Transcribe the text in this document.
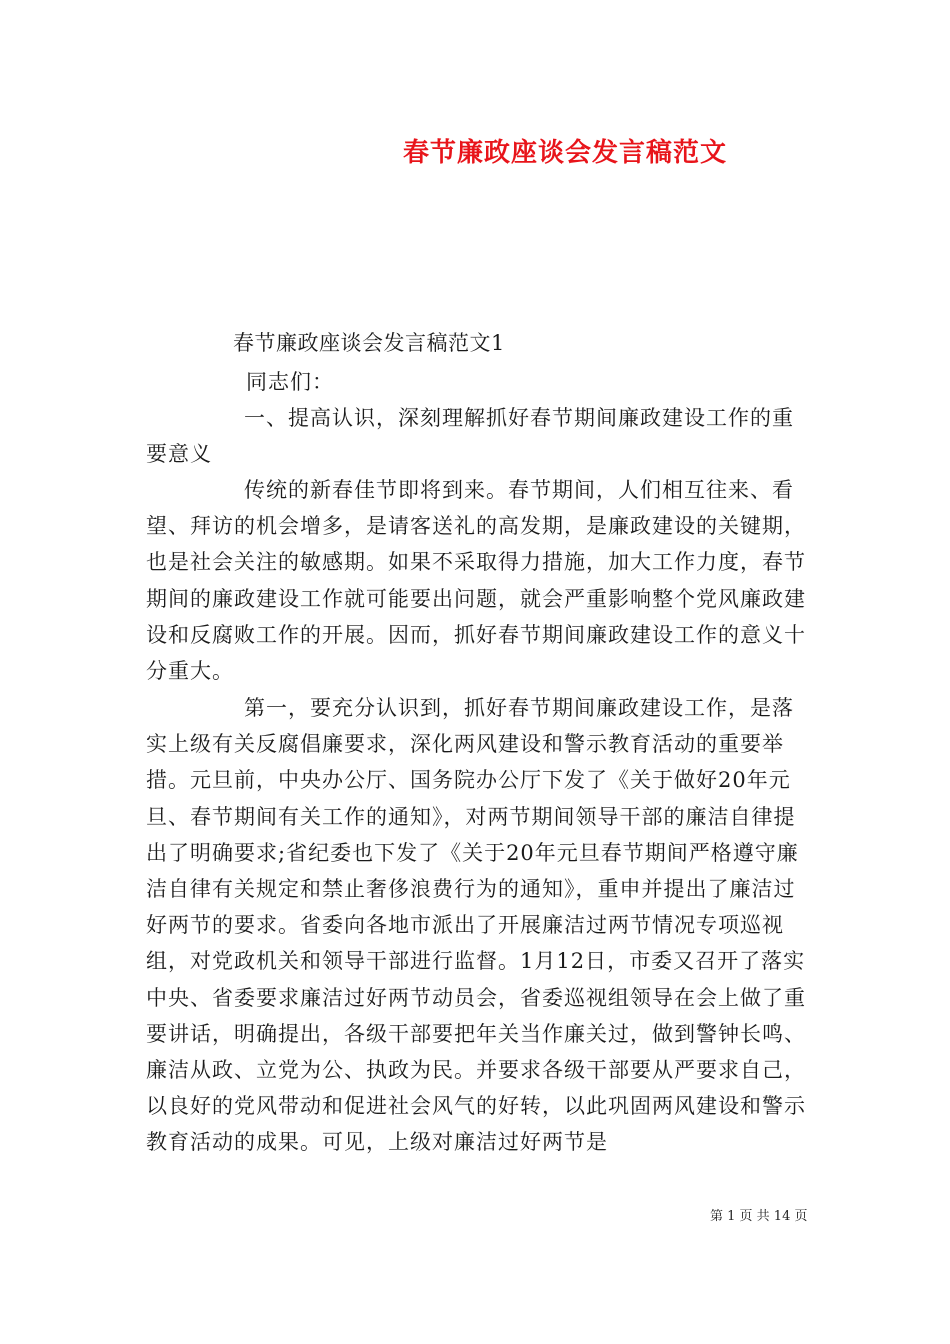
春节廉政座谈会发言稿范文
春节廉政座谈会发言稿范文1
同志们：
一、提高认识，深刻理解抓好春节期间廉政建设工作的重要意义
传统的新春佳节即将到来。春节期间，人们相互往来、看望、拜访的机会增多，是请客送礼的高发期，是廉政建设的关键期，也是社会关注的敏感期。如果不采取得力措施，加大工作力度，春节期间的廉政建设工作就可能要出问题，就会严重影响整个党风廉政建设和反腐败工作的开展。因而，抓好春节期间廉政建设工作的意义十分重大。
第一，要充分认识到，抓好春节期间廉政建设工作，是落实上级有关反腐倡廉要求，深化两风建设和警示教育活动的重要举措。元旦前，中央办公厅、国务院办公厅下发了《关于做好20年元旦、春节期间有关工作的通知》，对两节期间领导干部的廉洁自律提出了明确要求;省纪委也下发了《关于20年元旦春节期间严格遵守廉洁自律有关规定和禁止奢侈浪费行为的通知》，重申并提出了廉洁过好两节的要求。省委向各地市派出了开展廉洁过两节情况专项巡视组，对党政机关和领导干部进行监督。1月12日，市委又召开了落实中央、省委要求廉洁过好两节动员会，省委巡视组领导在会上做了重要讲话，明确提出，各级干部要把年关当作廉关过，做到警钟长鸣、廉洁从政、立党为公、执政为民。并要求各级干部要从严要求自己，以良好的党风带动和促进社会风气的好转，以此巩固两风建设和警示教育活动的成果。可见，上级对廉洁过好两节是
第 1 页 共 14 页
